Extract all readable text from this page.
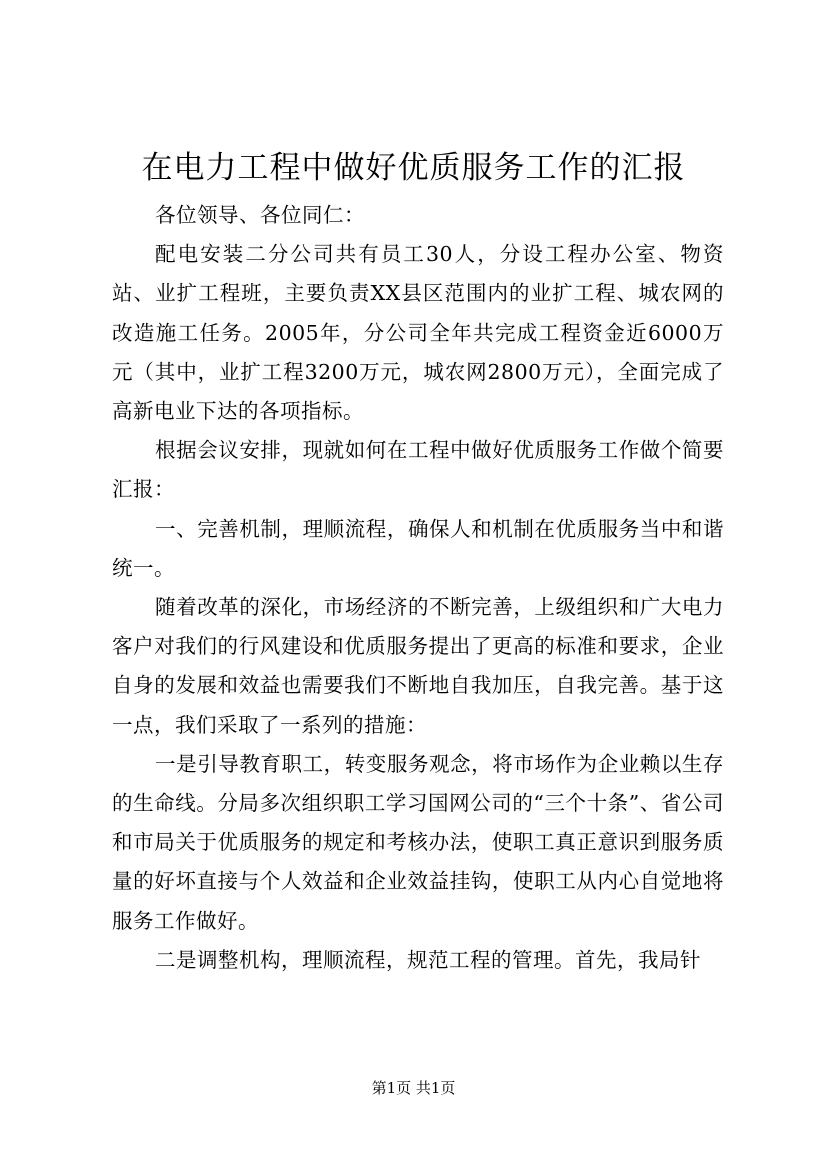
在电力工程中做好优质服务工作的汇报

各位领导、各位同仁：

配电安装二分公司共有员工30人，分设工程办公室、物资站、业扩工程班，主要负责XX县区范围内的业扩工程、城农网的改造施工任务。2005年，分公司全年共完成工程资金近6000万元（其中，业扩工程3200万元，城农网2800万元），全面完成了高新电业下达的各项指标。

根据会议安排，现就如何在工程中做好优质服务工作做个简要汇报：

一、完善机制，理顺流程，确保人和机制在优质服务当中和谐统一。

随着改革的深化，市场经济的不断完善，上级组织和广大电力客户对我们的行风建设和优质服务提出了更高的标准和要求，企业自身的发展和效益也需要我们不断地自我加压，自我完善。基于这一点，我们采取了一系列的措施：

一是引导教育职工，转变服务观念，将市场作为企业赖以生存的生命线。分局多次组织职工学习国网公司的“三个十条”、省公司和市局关于优质服务的规定和考核办法，使职工真正意识到服务质量的好坏直接与个人效益和企业效益挂钩，使职工从内心自觉地将服务工作做好。

二是调整机构，理顺流程，规范工程的管理。首先，我局针

第1页 共1页
